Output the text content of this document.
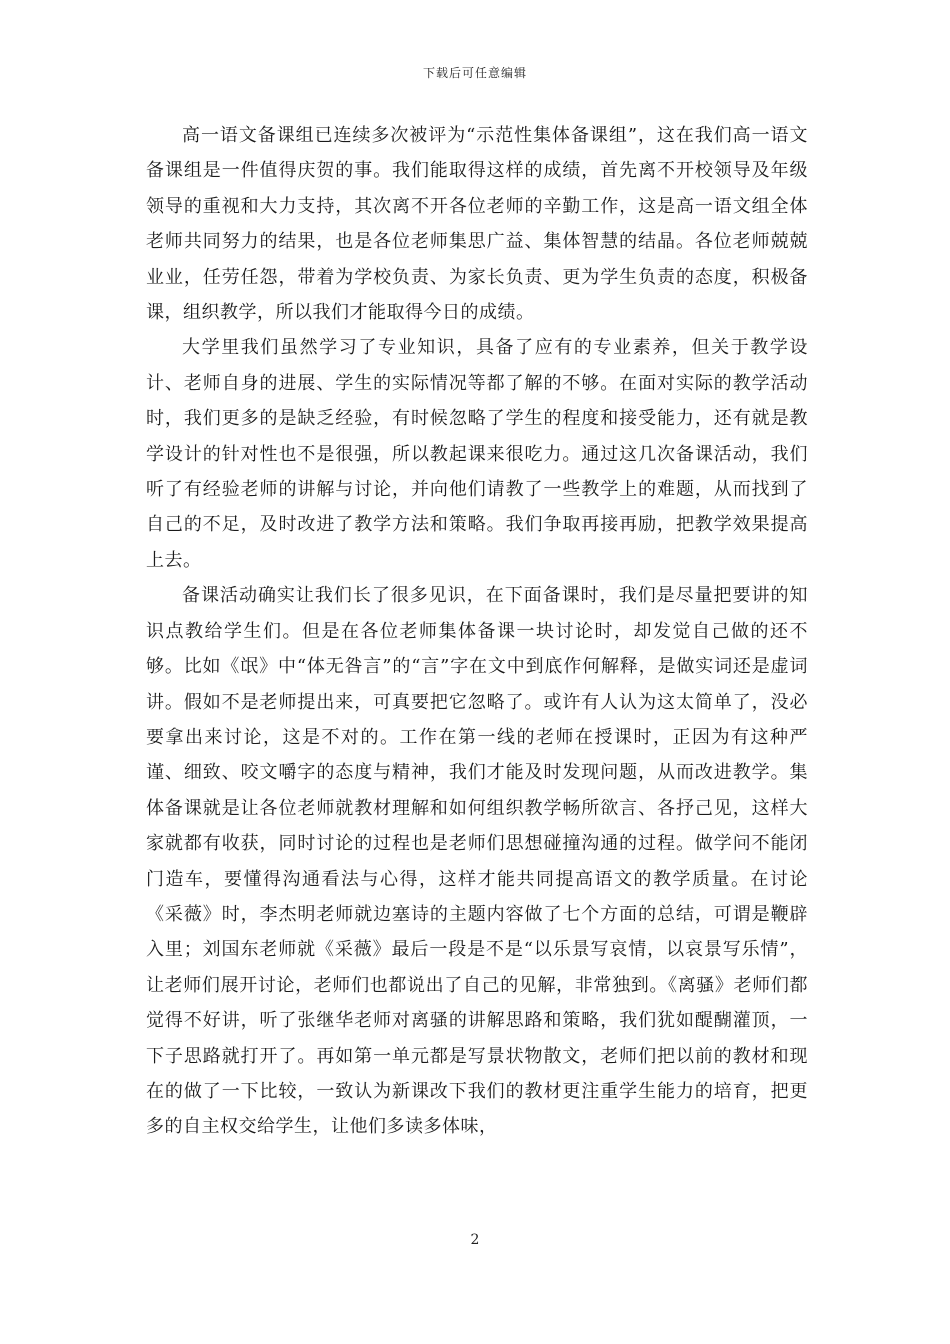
下载后可任意编辑

高一语文备课组已连续多次被评为“示范性集体备课组”，这在我们高一语文备课组是一件值得庆贺的事。我们能取得这样的成绩，首先离不开校领导及年级领导的重视和大力支持，其次离不开各位老师的辛勤工作，这是高一语文组全体老师共同努力的结果，也是各位老师集思广益、集体智慧的结晶。各位老师兢兢业业，任劳任怨，带着为学校负责、为家长负责、更为学生负责的态度，积极备课，组织教学，所以我们才能取得今日的成绩。

大学里我们虽然学习了专业知识，具备了应有的专业素养，但关于教学设计、老师自身的进展、学生的实际情况等都了解的不够。在面对实际的教学活动时，我们更多的是缺乏经验，有时候忽略了学生的程度和接受能力，还有就是教学设计的针对性也不是很强，所以教起课来很吃力。通过这几次备课活动，我们听了有经验老师的讲解与讨论，并向他们请教了一些教学上的难题，从而找到了自己的不足，及时改进了教学方法和策略。我们争取再接再励，把教学效果提高上去。

备课活动确实让我们长了很多见识，在下面备课时，我们是尽量把要讲的知识点教给学生们。但是在各位老师集体备课一块讨论时，却发觉自己做的还不够。比如《氓》中“体无咎言”的“言”字在文中到底作何解释，是做实词还是虚词讲。假如不是老师提出来，可真要把它忽略了。或许有人认为这太简单了，没必要拿出来讨论，这是不对的。工作在第一线的老师在授课时，正因为有这种严谨、细致、咬文嚼字的态度与精神，我们才能及时发现问题，从而改进教学。集体备课就是让各位老师就教材理解和如何组织教学畅所欲言、各抒己见，这样大家就都有收获，同时讨论的过程也是老师们思想碰撞沟通的过程。做学问不能闭门造车，要懂得沟通看法与心得，这样才能共同提高语文的教学质量。在讨论《采薇》时，李杰明老师就边塞诗的主题内容做了七个方面的总结，可谓是鞭辟入里；刘国东老师就《采薇》最后一段是不是“以乐景写哀情，以哀景写乐情”，让老师们展开讨论，老师们也都说出了自己的见解，非常独到。《离骚》老师们都觉得不好讲，听了张继华老师对离骚的讲解思路和策略，我们犹如醍醐灌顶，一下子思路就打开了。再如第一单元都是写景状物散文，老师们把以前的教材和现在的做了一下比较，一致认为新课改下我们的教材更注重学生能力的培育，把更多的自主权交给学生，让他们多读多体味，

2
